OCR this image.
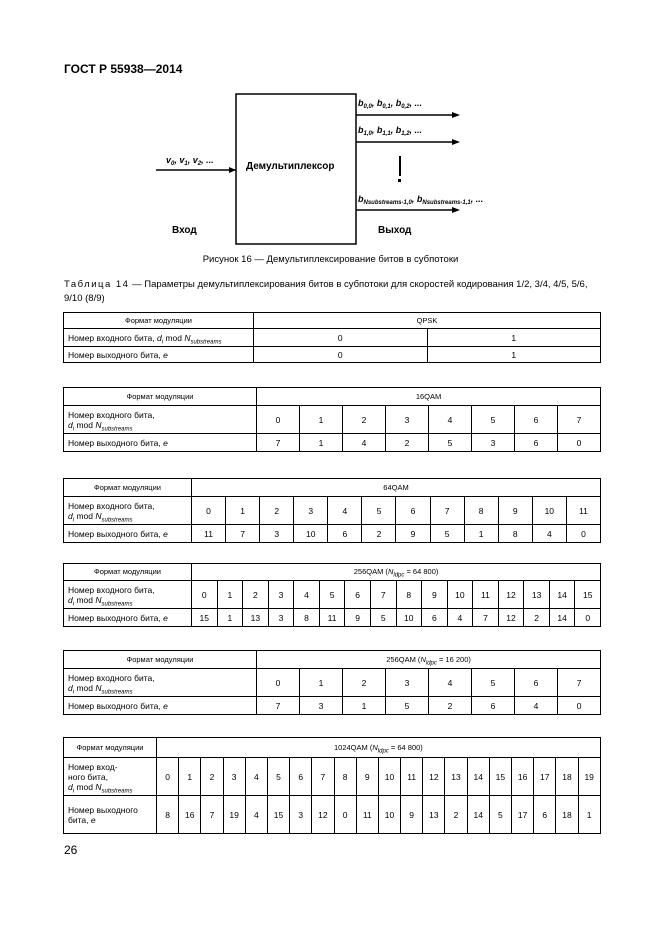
ГОСТ Р 55938—2014
Демультиплексор
$v_0$, $v_1$, $v_2$, ...
$b_{0,0}$, $b_{0,1}$, $b_{0,2}$, ...
$b_{1,0}$, $b_{1,1}$, $b_{1,2}$, ...
$b_{Nsubstreams-1,0}$, $b_{Nsubstreams-1,1}$, ...
Вход	Выход
Рисунок 16 — Демультиплексирование битов в субпотоки
Таблица 14 — Параметры демультиплексирования битов в субпотоки для скоростей кодирования 1/2, 3/4, 4/5, 5/6, 9/10 (8/9)
Формат модуляции	QPSK	
Номер входного бита, $d_i$ mod $N_{substreams}$	0	1
Номер выходного бита, e	0	1
Формат модуляции	16QAM							
Номер входного бита,
$d_i$ mod $N_{substreams}$	0	1	2	3	4	5	6	7
Номер выходного бита, e	7	1	4	2	5	3	6	0
Формат модуляции	64QAM											
Номер входного бита,
$d_i$ mod $N_{substreams}$	0	1	2	3	4	5	6	7	8	9	10	11
Номер выходного бита, e	11	7	3	10	6	2	9	5	1	8	4	0
Формат модуляции	256QAM ($N_{ldpc} = 64$ 800)															
Номер входного бита,
$d_i$ mod $N_{substreams}$	0	1	2	3	4	5	6	7	8	9	10	11	12	13	14	15
Номер выходного бита, e	15	1	13	3	8	11	9	5	10	6	4	7	12	2	14	0
Формат модуляции	256QAM ($N_{ldpc} = 16$ 200)							
Номер входного бита,
$d_i$ mod $N_{substreams}$	0	1	2	3	4	5	6	7
Номер выходного бита, e	7	3	1	5	2	6	4	0
Формат модуляции	1024QAM ($N_{ldpc} = 64$ 800)																			
Номер вход-
ного бита,
$d_i$ mod $N_{substreams}$	0	1	2	3	4	5	6	7	8	9	10	11	12	13	14	15	16	17	18	19
Номер выходного
бита, e	8	16	7	19	4	15	3	12	0	11	10	9	13	2	14	5	17	6	18	1
26
